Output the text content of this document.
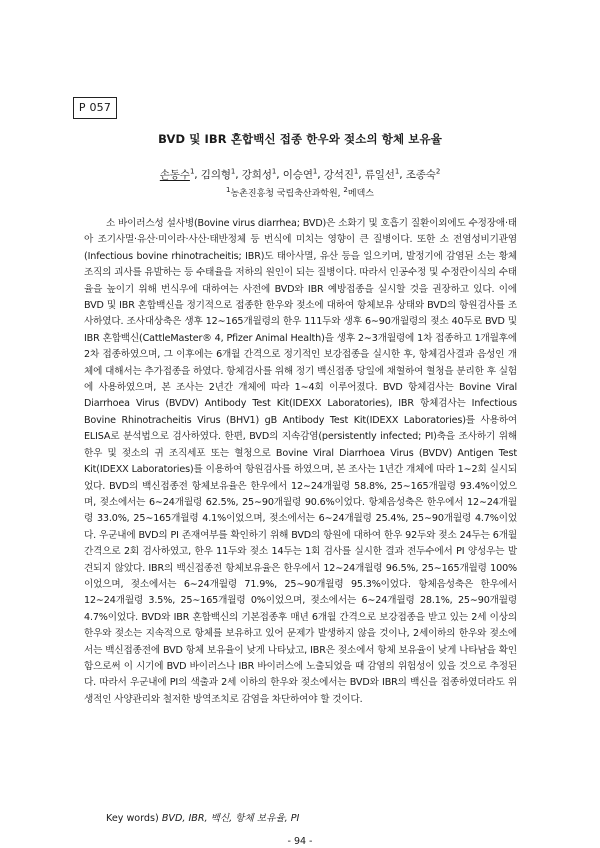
P 057
BVD 및 IBR 혼합백신 접종 한우와 젖소의 항체 보유율
손동수$^1$, 김의형$^1$, 강희성$^1$, 이승연$^1$, 강석진$^1$, 류일선$^1$, 조종숙$^2$
$^1$농촌진흥청 국립축산과학원, $^2$메덱스

소 바이러스성 설사병(Bovine virus diarrhea; BVD)은 소화기 및 호흡기 질환이외에도 수정장애·태아 조기사멸·유산·미이라·사산·태반정체 등 번식에 미치는 영향이 큰 질병이다. 또한 소 전염성비기관염(Infectious bovine rhinotracheitis; IBR)도 태아사멸, 유산 등을 일으키며, 발정기에 감염된 소는 황체조직의 괴사를 유발하는 등 수태율을 저하의 원인이 되는 질병이다. 따라서 인공수정 및 수정란이식의 수태율을 높이기 위해 번식우에 대하여는 사전에 BVD와 IBR 예방접종을 실시할 것을 권장하고 있다. 이에 BVD 및 IBR 혼합백신을 정기적으로 접종한 한우와 젖소에 대하여 항체보유 상태와 BVD의 항원검사를 조사하였다. 조사대상축은 생후 12∼165개월령의 한우 111두와 생후 6∼90개월령의 젖소 40두로 BVD 및 IBR 혼합백신(CattleMaster® 4, Pfizer Animal Health)을 생후 2∼3개월령에 1차 접종하고 1개월후에 2차 접종하였으며, 그 이후에는 6개월 간격으로 정기적인 보강접종을 실시한 후, 항체검사결과 음성인 개체에 대해서는 추가접종을 하였다. 항체검사를 위해 정기 백신접종 당일에 채혈하여 혈청을 분리한 후 실험에 사용하였으며, 본 조사는 2년간 개체에 따라 1∼4회 이루어졌다. BVD 항체검사는 Bovine Viral Diarrhoea Virus (BVDV) Antibody Test Kit(IDEXX Laboratories), IBR 항체검사는 Infectious Bovine Rhinotracheitis Virus (BHV1) gB Antibody Test Kit(IDEXX Laboratories)를 사용하여 ELISA로 분석법으로 검사하였다. 한편, BVD의 지속감염(persistently infected; PI)축을 조사하기 위해 한우 및 젖소의 귀 조직세포 또는 혈청으로 Bovine Viral Diarrhoea Virus (BVDV) Antigen Test Kit(IDEXX Laboratories)를 이용하여 항원검사를 하였으며, 본 조사는 1년간 개체에 따라 1∼2회 실시되었다. BVD의 백신접종전 항체보유율은 한우에서 12∼24개월령 58.8%, 25∼165개월령 93.4%이었으며, 젖소에서는 6∼24개월령 62.5%, 25∼90개월령 90.6%이었다. 항체음성축은 한우에서 12∼24개월령 33.0%, 25∼165개월령 4.1%이었으며, 젖소에서는 6∼24개월령 25.4%, 25∼90개월령 4.7%이었다. 우군내에 BVD의 PI 존재여부를 확인하기 위해 BVD의 항원에 대하여 한우 92두와 젖소 24두는 6개월 간격으로 2회 검사하였고, 한우 11두와 젖소 14두는 1회 검사를 실시한 결과 전두수에서 PI 양성우는 발견되지 않았다. IBR의 백신접종전 항체보유율은 한우에서 12∼24개월령 96.5%, 25∼165개월령 100%이었으며, 젖소에서는 6∼24개월령 71.9%, 25∼90개월령 95.3%이었다. 항체음성축은 한우에서 12∼24개월령 3.5%, 25∼165개월령 0%이었으며, 젖소에서는 6∼24개월령 28.1%, 25∼90개월령 4.7%이었다. BVD와 IBR 혼합백신의 기본접종후 매년 6개월 간격으로 보강접종을 받고 있는 2세 이상의 한우와 젖소는 지속적으로 항체를 보유하고 있어 문제가 발생하지 않을 것이나, 2세이하의 한우와 젖소에서는 백신접종전에 BVD 항체 보유율이 낮게 나타났고, IBR은 젖소에서 항체 보유율이 낮게 나타남을 확인함으로써 이 시기에 BVD 바이러스나 IBR 바이러스에 노출되었을 때 감염의 위험성이 있을 것으로 추정된다. 따라서 우군내에 PI의 색출과 2세 이하의 한우와 젖소에서는 BVD와 IBR의 백신을 접종하였더라도 위생적인 사양관리와 철저한 방역조치로 감염을 차단하여야 할 것이다.

Key words) BVD, IBR, 백신, 항체 보유율, PI
- 94 -
